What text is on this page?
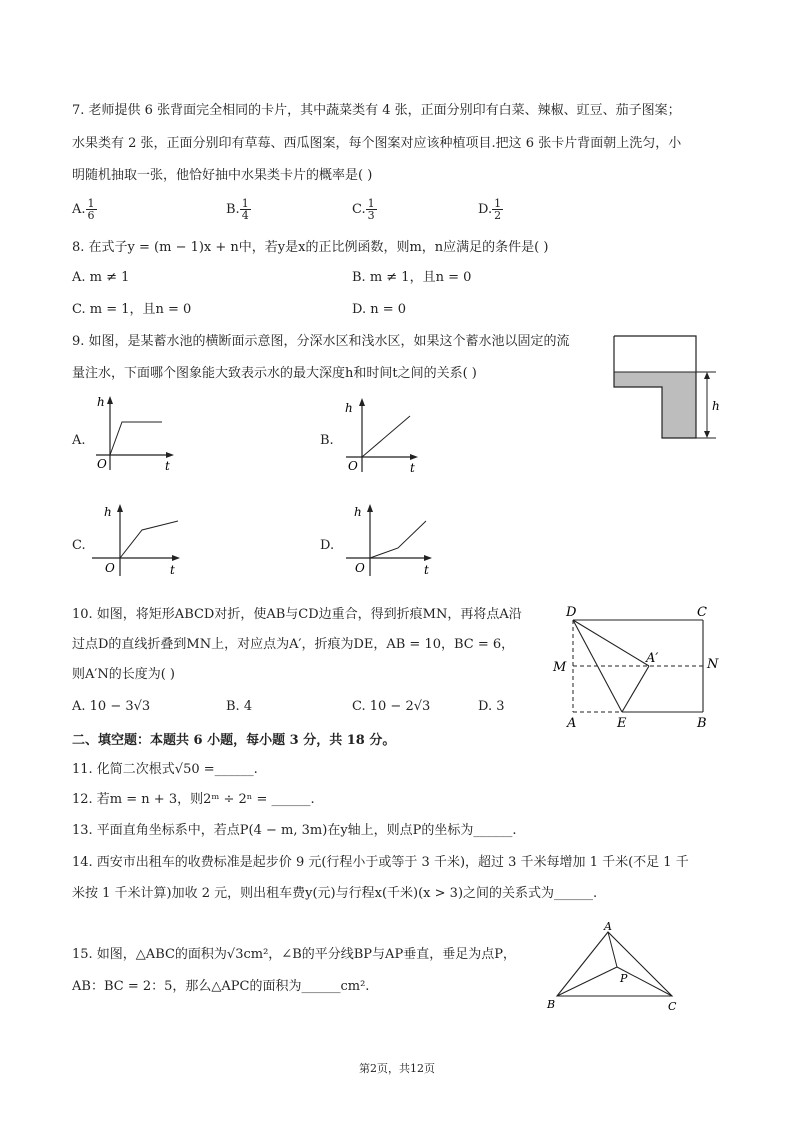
7. 老师提供 6 张背面完全相同的卡片，其中蔬菜类有 4 张，正面分别印有白菜、辣椒、豇豆、茄子图案；
水果类有 2 张，正面分别印有草莓、西瓜图案，每个图案对应该种植项目.把这 6 张卡片背面朝上洗匀，小
明随机抽取一张，他恰好抽中水果类卡片的概率是( )
A. $\frac{1}{6}$	B. $\frac{1}{4}$	C. $\frac{1}{3}$	D. $\frac{1}{2}$
8. 在式子y = (m − 1)x + n中，若y是x的正比例函数，则m，n应满足的条件是( )
A. m ≠ 1	B. m ≠ 1，且n = 0
C. m = 1，且n = 0	D. n = 0
9. 如图，是某蓄水池的横断面示意图，分深水区和浅水区，如果这个蓄水池以固定的流
量注水，下面哪个图象能大致表示水的最大深度h和时间t之间的关系( )
h
A.
h
O	t
B.
h
O	t
C.
h
O	t
D.
h
O	t
10. 如图，将矩形ABCD对折，使AB与CD边重合，得到折痕MN，再将点A沿
过点D的直线折叠到MN上，对应点为A′，折痕为DE，AB = 10，BC = 6，
则A′N的长度为( )
A. 10 − 3√3	B. 4	C. 10 − 2√3	D. 3
D	C
M	N
A	E	B
A′
二、填空题：本题共 6 小题，每小题 3 分，共 18 分。
11. 化简二次根式√50 =______.
12. 若m = n + 3，则2ᵐ ÷ 2ⁿ = ______.
13. 平面直角坐标系中，若点P(4 − m, 3m)在y轴上，则点P的坐标为______.
14. 西安市出租车的收费标准是起步价 9 元(行程小于或等于 3 千米)，超过 3 千米每增加 1 千米(不足 1 千
米按 1 千米计算)加收 2 元，则出租车费y(元)与行程x(千米)(x > 3)之间的关系式为______.
15. 如图，△ABC的面积为√3cm²，∠B的平分线BP与AP垂直，垂足为点P，
AB：BC = 2：5，那么△APC的面积为______cm².
A
B	C
P
第2页，共12页
